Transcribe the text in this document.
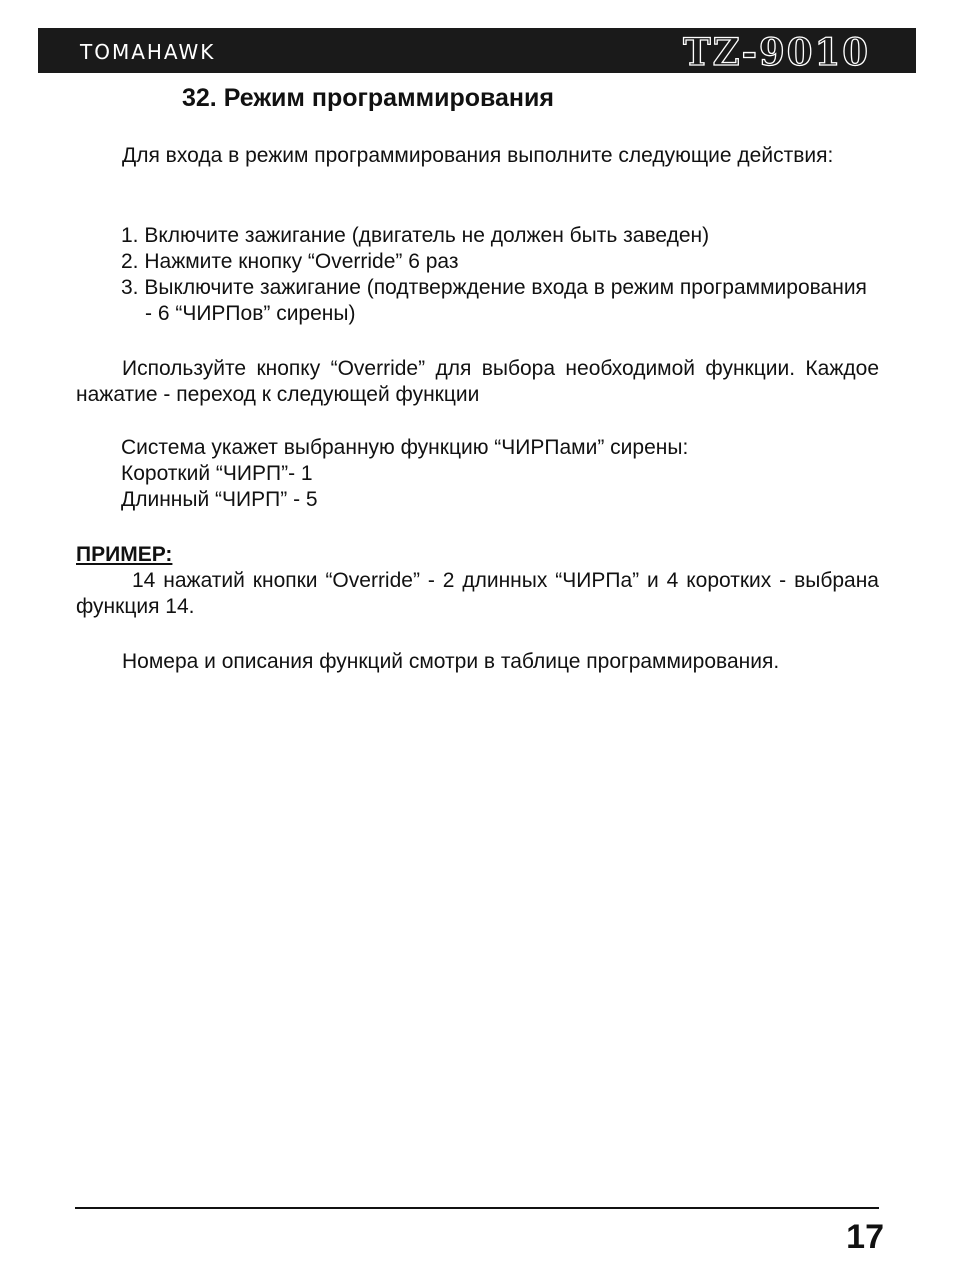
TOMAHAWK	TZ-9010
32. Режим программирования

Для входа в режим программирования выполните следующие действия:

1. Включите зажигание (двигатель не должен быть заведен)

2. Нажмите кнопку “Override” 6 раз

3. Выключите зажигание (подтверждение входа в режим программирования - 6 “ЧИРПов” сирены)

Используйте кнопку “Override” для выбора необходимой функции. Каждое нажатие - переход к следующей функции

Система укажет выбранную функцию “ЧИРПами” сирены:

Короткий “ЧИРП”- 1

Длинный “ЧИРП” - 5

ПРИМЕР:

14 нажатий кнопки “Override” - 2 длинных “ЧИРПа” и 4 коротких - выбрана функция 14.

Номера и описания функций смотри в таблице программирования.

17
